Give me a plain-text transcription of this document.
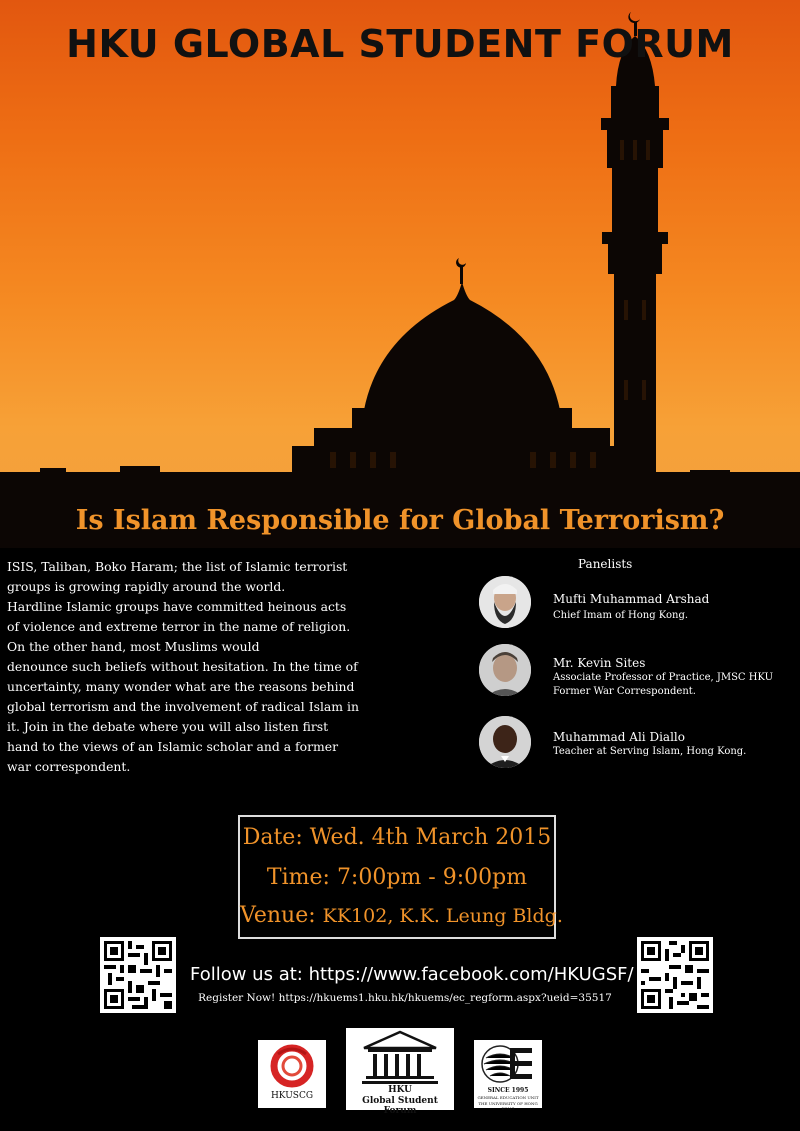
HKU GLOBAL STUDENT FORUM
Is Islam Responsible for Global Terrorism?

ISIS, Taliban, Boko Haram; the list of Islamic terrorist

groups is growing rapidly around the world.

Hardline Islamic groups have committed heinous acts

of violence and extreme terror in the name of religion.

On the other hand, most Muslims would

denounce such beliefs without hesitation. In the time of

uncertainty, many wonder what are the reasons behind

global terrorism and the involvement of radical Islam in

it. Join in the debate where you will also listen first

hand to the views of an Islamic scholar and a former

war correspondent.

Panelists
Mufti Muhammad Arshad
Chief Imam of Hong Kong.
Mr. Kevin Sites
Associate Professor of Practice, JMSC HKU
Former War Correspondent.
Muhammad Ali Diallo
Teacher at Serving Islam, Hong Kong.
Date: Wed. 4th March 2015
Time: 7:00pm - 9:00pm
Venue: KK102, K.K. Leung Bldg.
Follow us at: https://www.facebook.com/HKUGSF/
Register Now! https://hkuems1.hku.hk/hkuems/ec_regform.aspx?ueid=35517
HKUSCG
HKU
Global Student Forum
SINCE 1995
GENERAL EDUCATION UNIT
THE UNIVERSITY OF HONG KONG
